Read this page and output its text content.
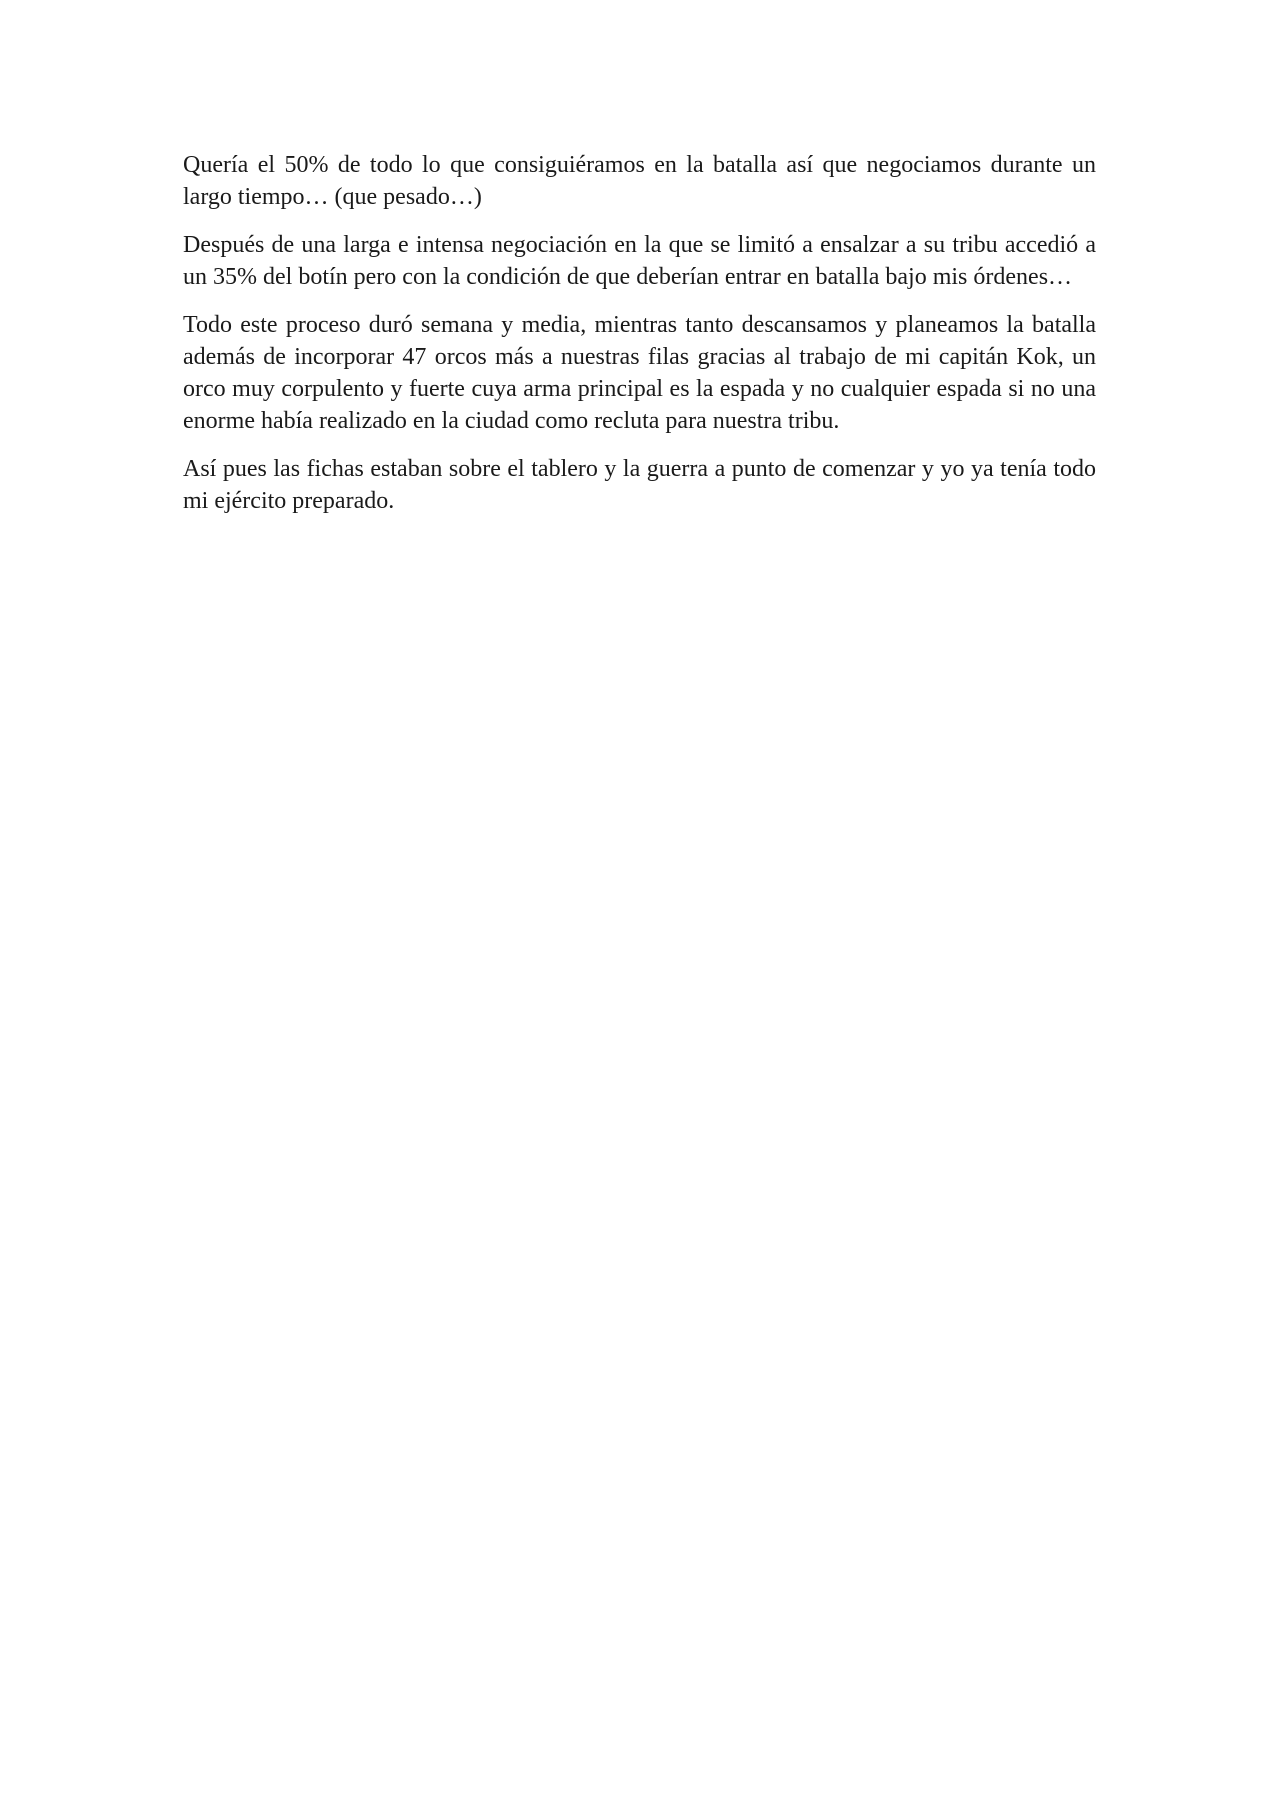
Quería el 50% de todo lo que consiguiéramos en la batalla así que negociamos durante un largo tiempo… (que pesado…)

Después de una larga e intensa negociación en la que se limitó a ensalzar a su tribu accedió a un 35% del botín pero con la condición de que deberían entrar en batalla bajo mis órdenes…

Todo este proceso duró semana y media, mientras tanto descansamos y planeamos la batalla además de incorporar 47 orcos más a nuestras filas gracias al trabajo de mi capitán Kok, un orco muy corpulento y fuerte cuya arma principal es la espada y no cualquier espada si no una enorme había realizado en la ciudad como recluta para nuestra tribu.

Así pues las fichas estaban sobre el tablero y la guerra a punto de comenzar y yo ya tenía todo mi ejército preparado.
